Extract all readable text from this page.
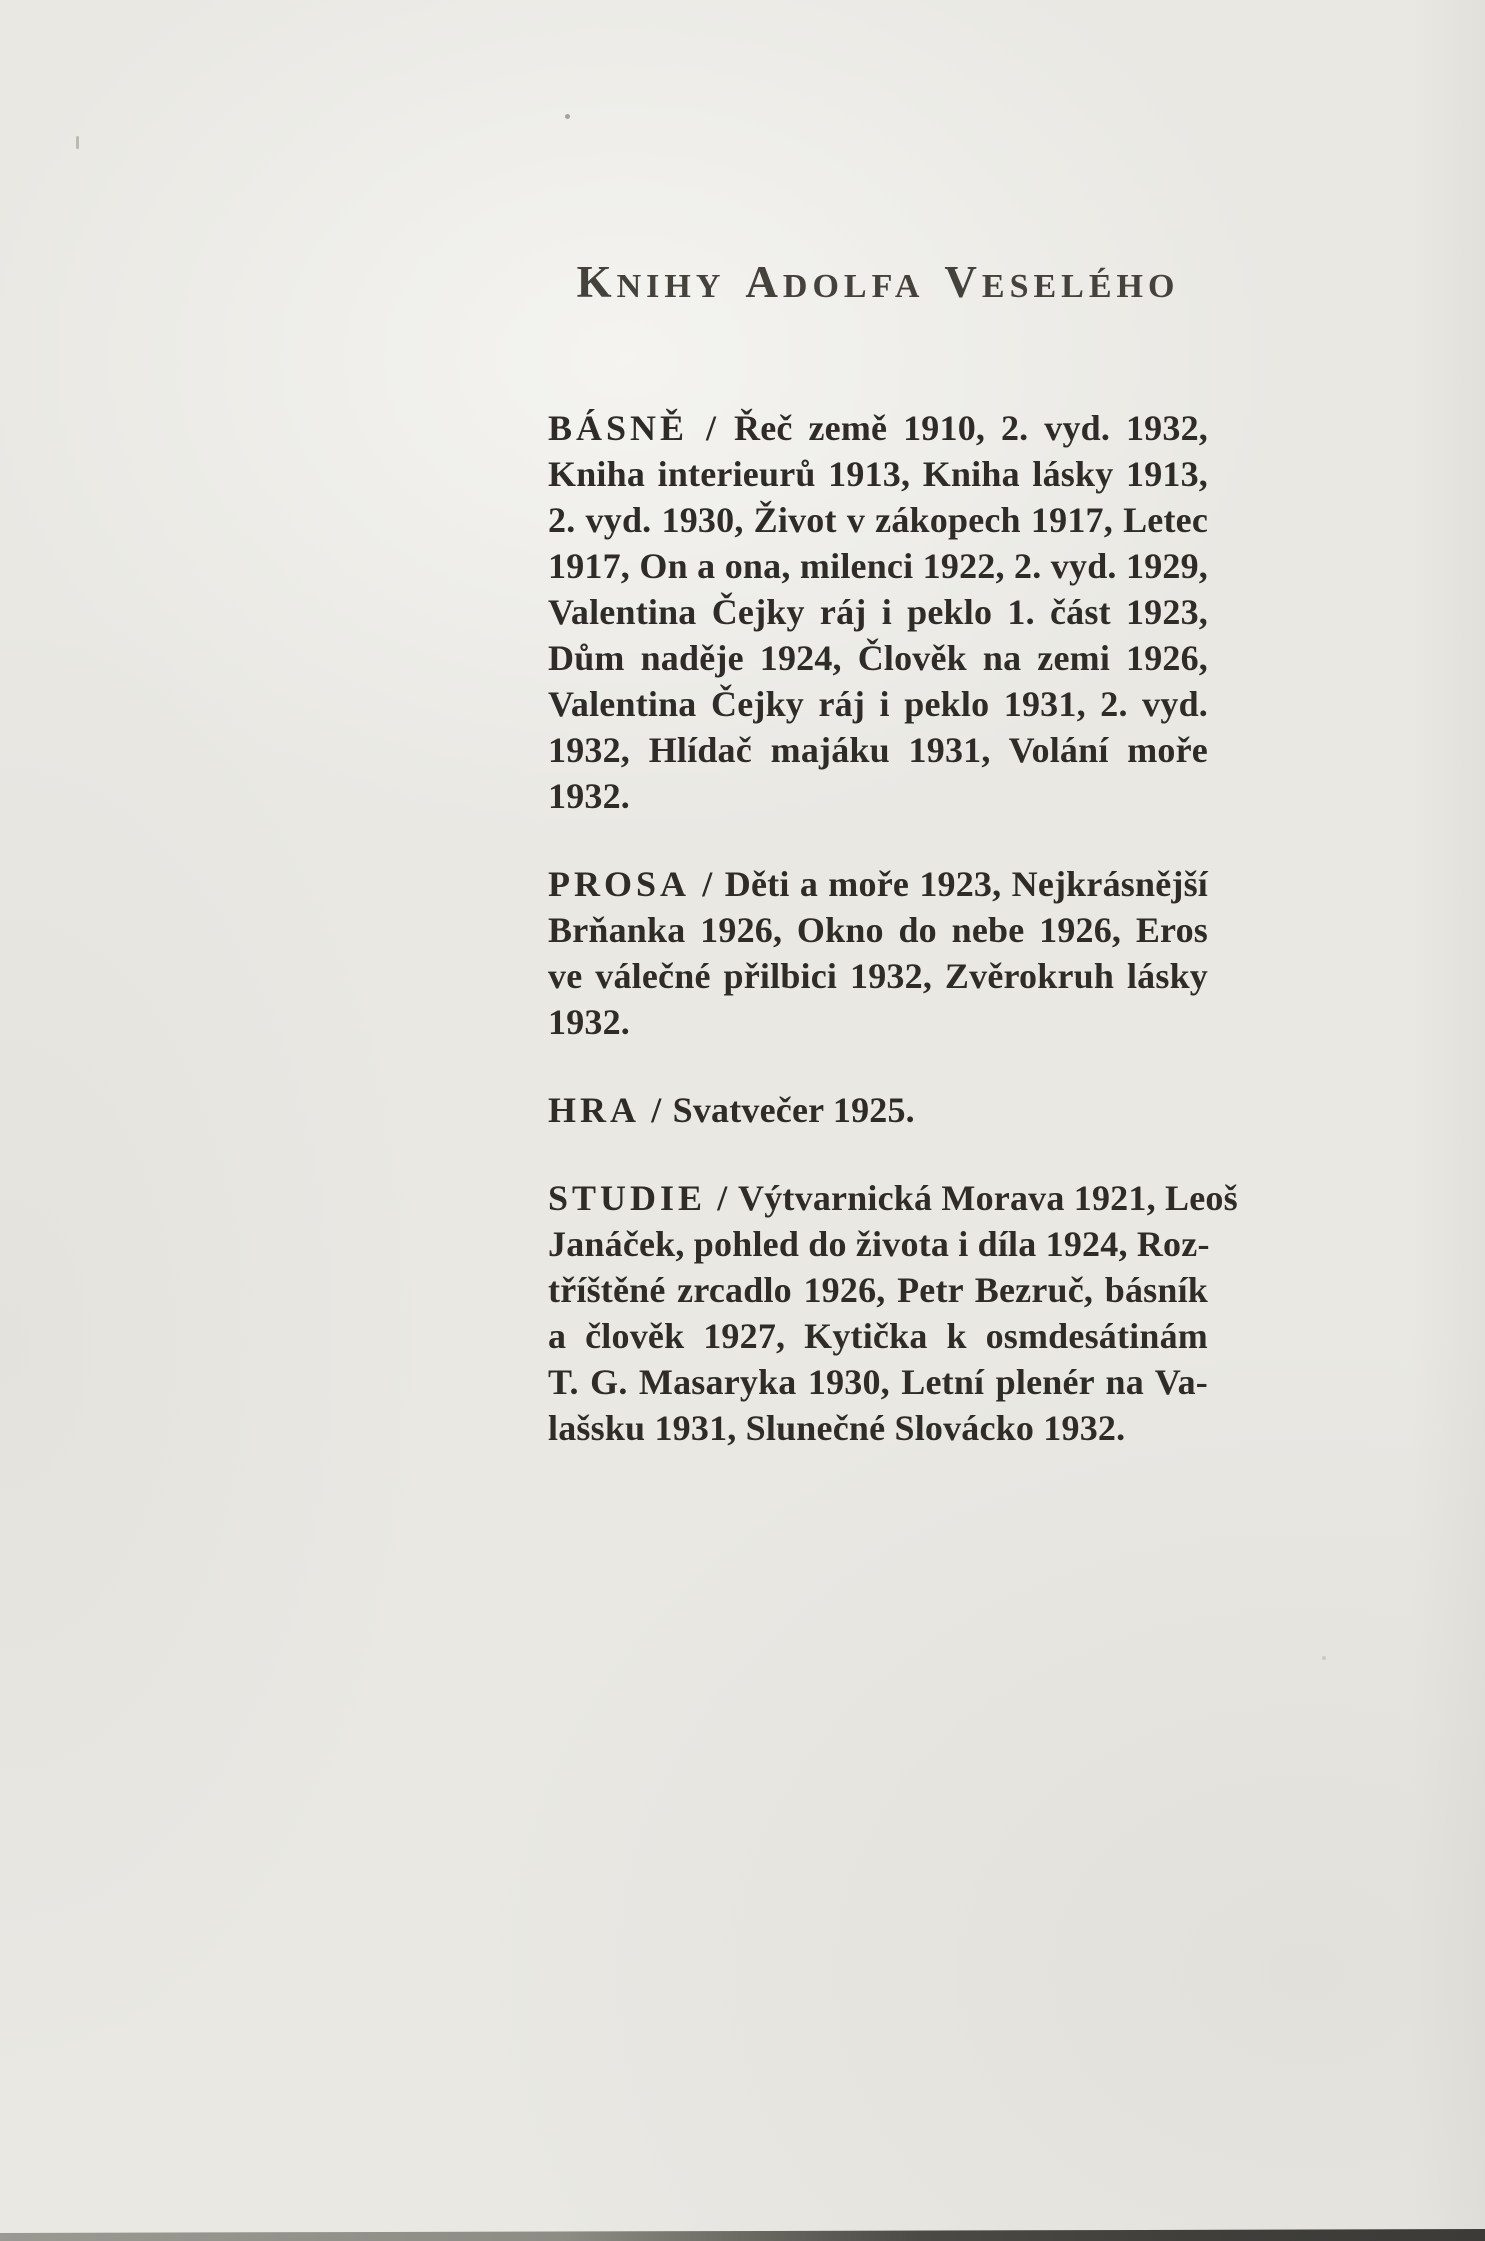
KNIHY ADOLFA VESELÉHO
BÁSNĚ / Řeč země 1910, 2. vyd. 1932,
Kniha interieurů 1913, Kniha lásky 1913,
2. vyd. 1930, Život v zákopech 1917, Letec
1917, On a ona, milenci 1922, 2. vyd. 1929,
Valentina Čejky ráj i peklo 1. část 1923,
Dům naděje 1924, Člověk na zemi 1926,
Valentina Čejky ráj i peklo 1931, 2. vyd.
1932, Hlídač majáku 1931, Volání moře
1932.
PROSA / Děti a moře 1923, Nejkrásnější
Brňanka 1926, Okno do nebe 1926, Eros
ve válečné přilbici 1932, Zvěrokruh lásky
1932.
HRA / Svatvečer 1925.
STUDIE / Výtvarnická Morava 1921, Leoš
Janáček, pohled do života i díla 1924, Roz-
tříštěné zrcadlo 1926, Petr Bezruč, básník
a člověk 1927, Kytička k osmdesátinám
T. G. Masaryka 1930, Letní plenér na Va-
lašsku 1931, Slunečné Slovácko 1932.
